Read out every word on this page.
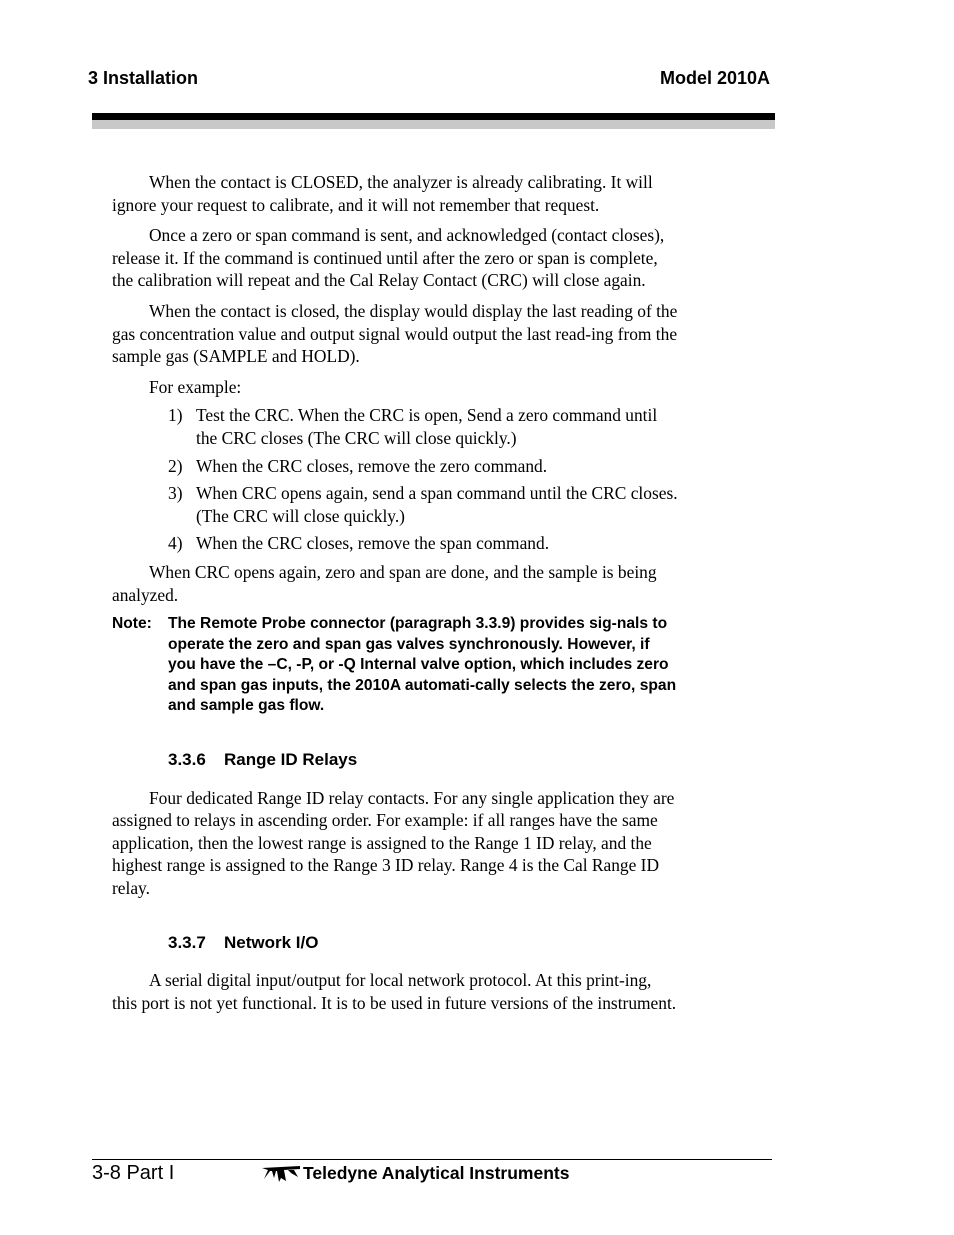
3 Installation	Model 2010A

When the contact is CLOSED, the analyzer is already calibrating. It will ignore your request to calibrate, and it will not remember that request.

Once a zero or span command is sent, and acknowledged (contact closes), release it. If the command is continued until after the zero or span is complete, the calibration will repeat and the Cal Relay Contact (CRC) will close again.

When the contact is closed, the display would display the last reading of the gas concentration value and output signal would output the last read-ing from the sample gas (SAMPLE and HOLD).

For example:

1) Test the CRC. When the CRC is open, Send a zero command until the CRC closes (The CRC will close quickly.)
2) When the CRC closes, remove the zero command.
3) When CRC opens again, send a span command until the CRC closes. (The CRC will close quickly.)
4) When the CRC closes, remove the span command.

When CRC opens again, zero and span are done, and the sample is being analyzed.

Note:	The Remote Probe connector (paragraph 3.3.9) provides sig-nals to operate the zero and span gas valves synchronously. However, if you have the –C, -P, or -Q Internal valve option, which includes zero and span gas inputs, the 2010A automati-cally selects the zero, span and sample gas flow.
3.3.6 Range ID Relays

Four dedicated Range ID relay contacts. For any single application they are assigned to relays in ascending order. For example: if all ranges have the same application, then the lowest range is assigned to the Range 1 ID relay, and the highest range is assigned to the Range 3 ID relay. Range 4 is the Cal Range ID relay.

3.3.7 Network I/O

A serial digital input/output for local network protocol. At this print-ing, this port is not yet functional. It is to be used in future versions of the instrument.

3-8 Part I	Teledyne Analytical Instruments
